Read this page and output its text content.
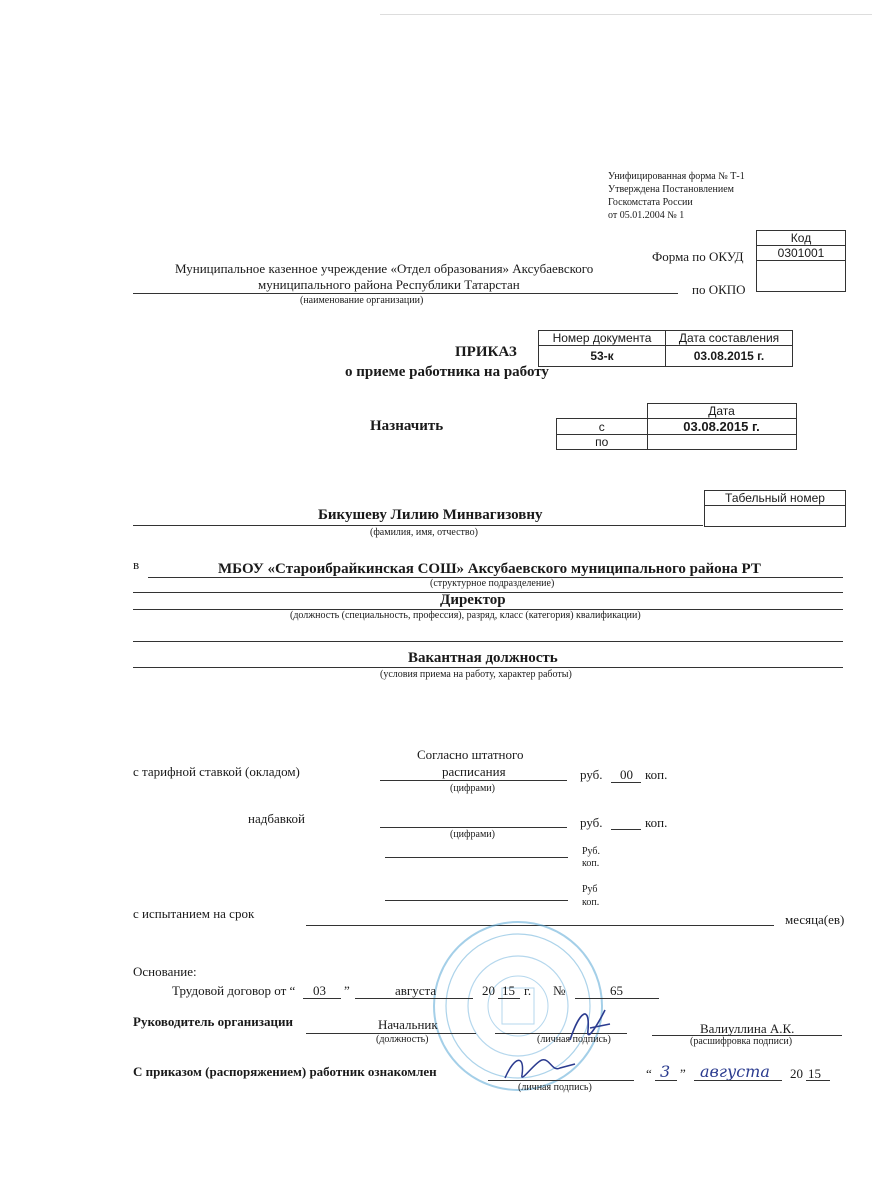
Унифицированная форма № Т-1
Утверждена Постановлением
Госкомстата России
от 05.01.2004 № 1
Код
0301001

Форма по ОКУД
по ОКПО
Муниципальное казенное учреждение «Отдел образования» Аксубаевского
муниципального района Республики Татарстан
(наименование организации)
Номер документа	Дата составления
53-к	03.08.2015 г.
ПРИКАЗ
о приеме работника на работу
Назначить
	Дата
с	03.08.2015 г.
по	
Табельный номер

Бикушеву Лилию Минвагизовну
(фамилия, имя, отчество)
в	МБОУ «Староибрайкинская СОШ» Аксубаевского муниципального района РТ
(структурное подразделение)
Директор
(должность (специальность, профессия), разряд, класс (категория) квалификации)
Вакантная должность
(условия приема на работу, характер работы)
с тарифной ставкой (окладом)
Согласно штатного
расписания	руб. 00 коп.
(цифрами)
надбавкой	руб.	коп.
(цифрами)
Руб.
коп.
Руб
коп.
с испытанием на срок	месяца(ев)
Основание:
Трудовой договор от “ 03 ”	августа	20 15 г. №	65
Руководитель организации	Начальник
(должность)	(личная подпись)
Валиуллина А.К.
(расшифровка подписи)
С приказом (распоряжением) работник ознакомлен
(личная подпись)
“ 3 ” августа 20 15
